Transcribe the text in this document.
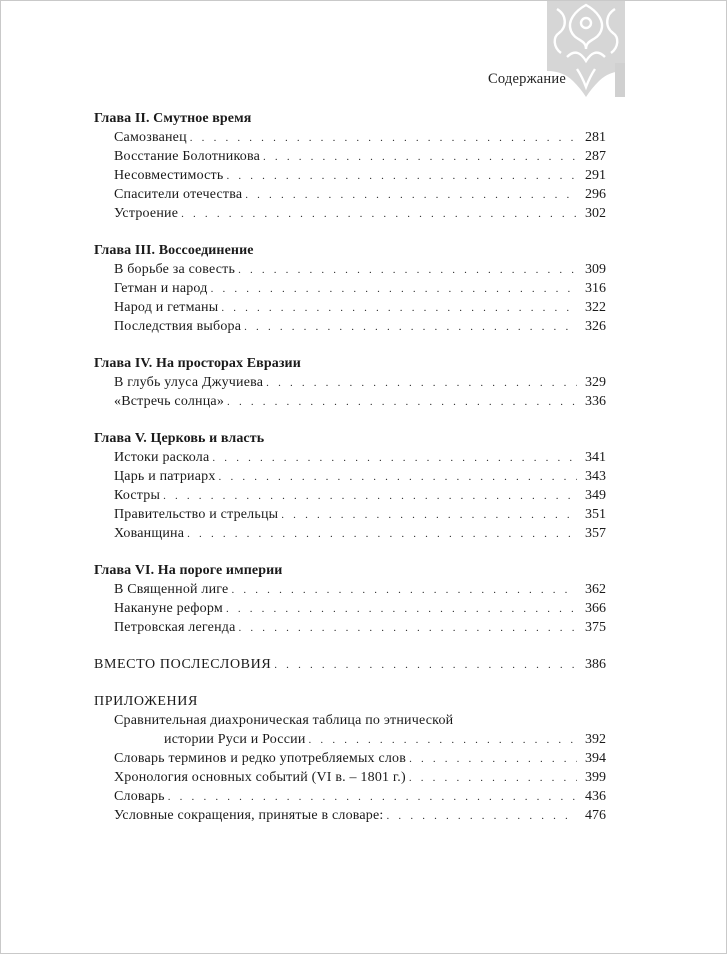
Содержание
Глава II. Смутное время
Самозванец . . .	281
Восстание Болотникова . . .	287
Несовместимость . . .	291
Спасители отечества . . .	296
Устроение . . .	302
Глава III. Воссоединение
В борьбе за совесть . . .	309
Гетман и народ . . .	316
Народ и гетманы . . .	322
Последствия выбора . . .	326
Глава IV. На просторах Евразии
В глубь улуса Джучиева . . .	329
«Встречь солнца» . . .	336
Глава V. Церковь и власть
Истоки раскола . . .	341
Царь и патриарх . . .	343
Костры . . .	349
Правительство и стрельцы . . .	351
Хованщина . . .	357
Глава VI. На пороге империи
В Священной лиге . . .	362
Накануне реформ . . .	366
Петровская легенда . . .	375
ВМЕСТО ПОСЛЕСЛОВИЯ . . .	386
ПРИЛОЖЕНИЯ
Сравнительная диахроническая таблица по этнической
истории Руси и России . . .	392
Словарь терминов и редко употребляемых слов . . .	394
Хронология основных событий (VI в. – 1801 г.) . . .	399
Словарь . . .	436
Условные сокращения, принятые в словаре: . . .	476
